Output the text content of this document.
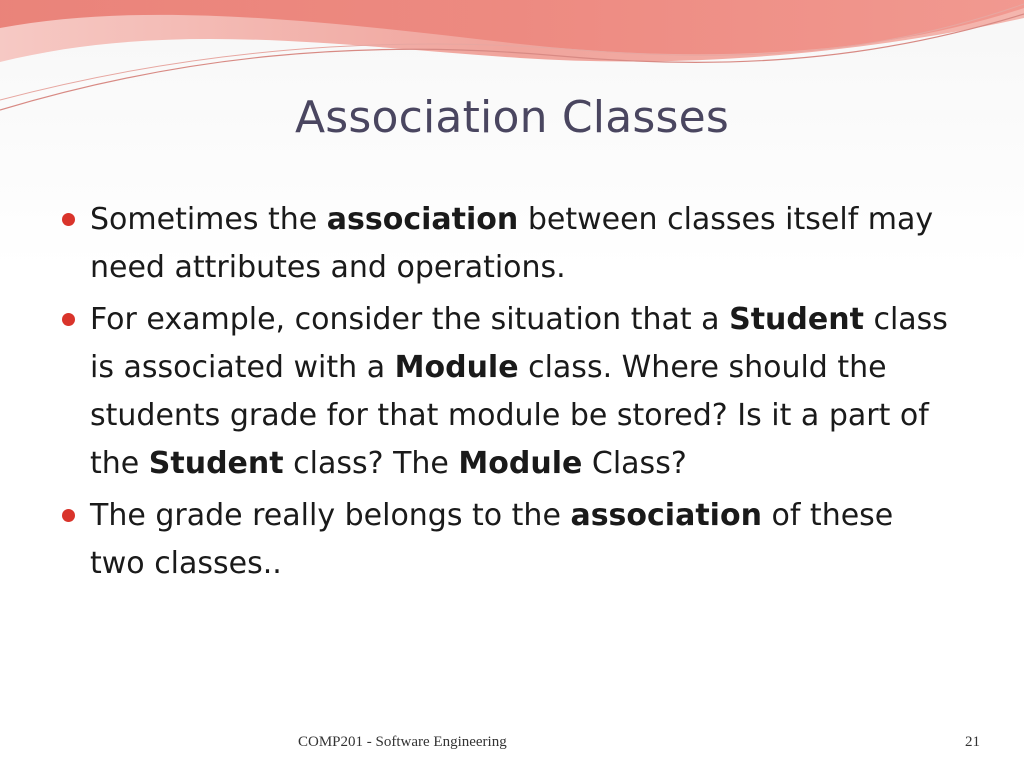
Association Classes
Sometimes the association between classes itself may need attributes and operations.
For example, consider the situation that a Student class is associated with a Module class. Where should the students grade for that module be stored? Is it a part of the Student class? The Module Class?
The grade really belongs to the association of these two classes..
COMP201 - Software Engineering	21
